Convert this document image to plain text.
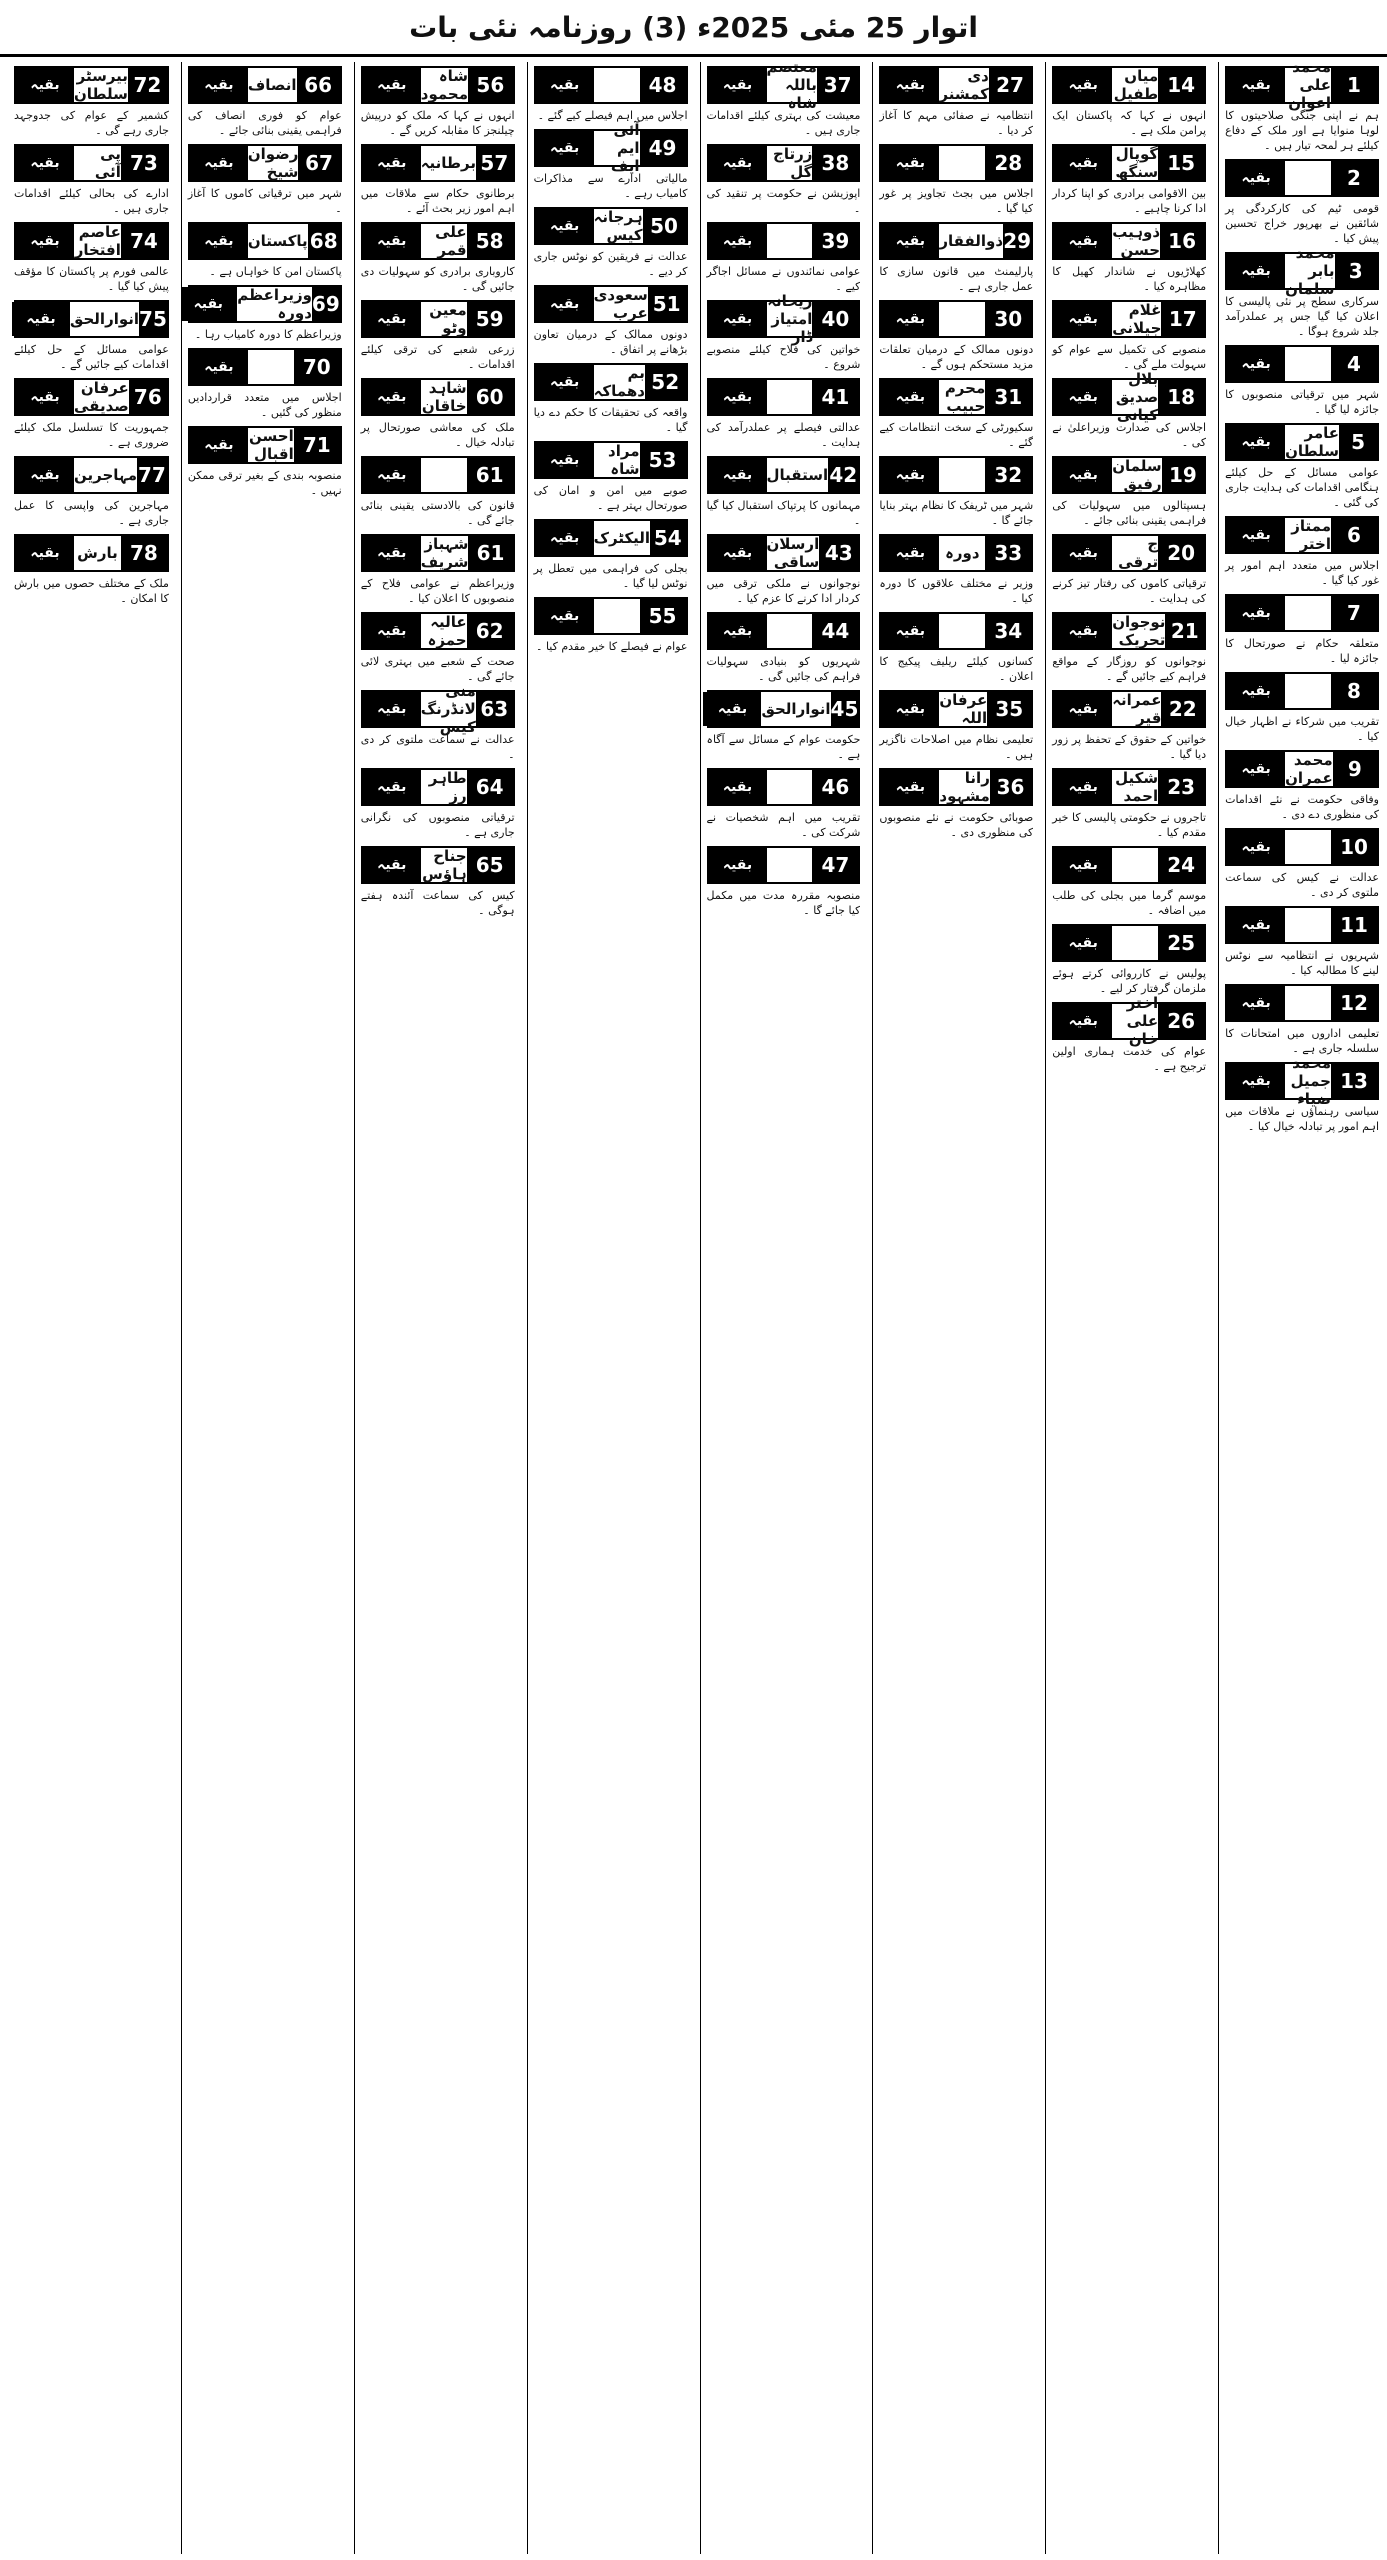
اتوار 25 مئی 2025ء (3) روزنامہ نئی بات
1
محمد علی اعوان
بقیہ
ہم نے اپنی جنگی صلاحیتوں کا لوہا منوایا ہے اور ملک کے دفاع کیلئے ہر لمحہ تیار ہیں ۔
2
بقیہ
قومی ٹیم کی کارکردگی پر شائقین نے بھرپور خراج تحسین پیش کیا ۔
3
محمد بابر سلمان
بقیہ
سرکاری سطح پر نئی پالیسی کا اعلان کیا گیا جس پر عملدرآمد جلد شروع ہوگا ۔
4
بقیہ
شہر میں ترقیاتی منصوبوں کا جائزہ لیا گیا ۔
5
عامر سلطان
بقیہ
عوامی مسائل کے حل کیلئے ہنگامی اقدامات کی ہدایت جاری کی گئی ۔
6
ممتاز اختر
بقیہ
اجلاس میں متعدد اہم امور پر غور کیا گیا ۔
7
بقیہ
متعلقہ حکام نے صورتحال کا جائزہ لیا ۔
8
بقیہ
تقریب میں شرکاء نے اظہار خیال کیا ۔
9
محمد عمران
بقیہ
وفاقی حکومت نے نئے اقدامات کی منظوری دے دی ۔
10
بقیہ
عدالت نے کیس کی سماعت ملتوی کر دی ۔
11
بقیہ
شہریوں نے انتظامیہ سے نوٹس لینے کا مطالبہ کیا ۔
12
بقیہ
تعلیمی اداروں میں امتحانات کا سلسلہ جاری ہے ۔
13
محمد جمیل ضیاء
بقیہ
سیاسی رہنماؤں نے ملاقات میں اہم امور پر تبادلہ خیال کیا ۔
14
میاں طفیل
بقیہ
انہوں نے کہا کہ پاکستان ایک پرامن ملک ہے ۔
15
گوپال سنگھ
بقیہ
بین الاقوامی برادری کو اپنا کردار ادا کرنا چاہیے ۔
16
ذوہیب حسن
بقیہ
کھلاڑیوں نے شاندار کھیل کا مظاہرہ کیا ۔
17
غلام جیلانی
بقیہ
منصوبے کی تکمیل سے عوام کو سہولت ملے گی ۔
18
بلال صدیق کیانی
بقیہ
اجلاس کی صدارت وزیراعلیٰ نے کی ۔
19
سلمان رفیق
بقیہ
ہسپتالوں میں سہولیات کی فراہمی یقینی بنائی جائے ۔
20
ج ترقی
بقیہ
ترقیاتی کاموں کی رفتار تیز کرنے کی ہدایت ۔
21
نوجوان تحریک
بقیہ
نوجوانوں کو روزگار کے مواقع فراہم کیے جائیں گے ۔
22
عمرانہ قیر
بقیہ
خواتین کے حقوق کے تحفظ پر زور دیا گیا ۔
23
شکیل احمد
بقیہ
تاجروں نے حکومتی پالیسی کا خیر مقدم کیا ۔
24
بقیہ
موسم گرما میں بجلی کی طلب میں اضافہ ۔
25
بقیہ
پولیس نے کارروائی کرتے ہوئے ملزمان گرفتار کر لیے ۔
26
اختر علی خان
بقیہ
عوام کی خدمت ہماری اولین ترجیح ہے ۔
27
دی کمشنر
بقیہ
انتظامیہ نے صفائی مہم کا آغاز کر دیا ۔
28
بقیہ
اجلاس میں بجٹ تجاویز پر غور کیا گیا ۔
29
ذوالفقار
بقیہ
پارلیمنٹ میں قانون سازی کا عمل جاری ہے ۔
30
بقیہ
دونوں ممالک کے درمیان تعلقات مزید مستحکم ہوں گے ۔
31
محرم حبیب
بقیہ
سکیورٹی کے سخت انتظامات کیے گئے ۔
32
بقیہ
شہر میں ٹریفک کا نظام بہتر بنایا جائے گا ۔
33
دورہ
بقیہ
وزیر نے مختلف علاقوں کا دورہ کیا ۔
34
بقیہ
کسانوں کیلئے ریلیف پیکیج کا اعلان ۔
35
عرفان اللہ
بقیہ
تعلیمی نظام میں اصلاحات ناگزیر ہیں ۔
36
رانا مشہود
بقیہ
صوبائی حکومت نے نئے منصوبوں کی منظوری دی ۔
37
معتصم باللہ شاہ
بقیہ
معیشت کی بہتری کیلئے اقدامات جاری ہیں ۔
38
زرتاج گل
بقیہ
اپوزیشن نے حکومت پر تنقید کی ۔
39
بقیہ
عوامی نمائندوں نے مسائل اجاگر کیے ۔
40
ریحانہ امتیاز ڈار
بقیہ
خواتین کی فلاح کیلئے منصوبے شروع ۔
41
بقیہ
عدالتی فیصلے پر عملدرآمد کی ہدایت ۔
42
استقبال
بقیہ
مہمانوں کا پرتپاک استقبال کیا گیا ۔
43
ارسلان ساقی
بقیہ
نوجوانوں نے ملکی ترقی میں کردار ادا کرنے کا عزم کیا ۔
44
بقیہ
شہریوں کو بنیادی سہولیات فراہم کی جائیں گی ۔
45
انوارالحق
بقیہ
حکومت عوام کے مسائل سے آگاہ ہے ۔
46
بقیہ
تقریب میں اہم شخصیات نے شرکت کی ۔
47
بقیہ
منصوبہ مقررہ مدت میں مکمل کیا جائے گا ۔
48
بقیہ
اجلاس میں اہم فیصلے کیے گئے ۔
49
آئی ایم ایف
بقیہ
مالیاتی ادارے سے مذاکرات کامیاب رہے ۔
50
ہرجانہ کیس
بقیہ
عدالت نے فریقین کو نوٹس جاری کر دیے ۔
51
سعودی عرب
بقیہ
دونوں ممالک کے درمیان تعاون بڑھانے پر اتفاق ۔
52
بم دھماکہ
بقیہ
واقعہ کی تحقیقات کا حکم دے دیا گیا ۔
53
مراد شاہ
بقیہ
صوبے میں امن و امان کی صورتحال بہتر ہے ۔
54
الیکٹرک
بقیہ
بجلی کی فراہمی میں تعطل پر نوٹس لیا گیا ۔
55
بقیہ
عوام نے فیصلے کا خیر مقدم کیا ۔
56
شاہ محمود
بقیہ
انہوں نے کہا کہ ملک کو درپیش چیلنجز کا مقابلہ کریں گے ۔
57
برطانیہ
بقیہ
برطانوی حکام سے ملاقات میں اہم امور زیر بحث آئے ۔
58
علی قمر
بقیہ
کاروباری برادری کو سہولیات دی جائیں گی ۔
59
معین وٹو
بقیہ
زرعی شعبے کی ترقی کیلئے اقدامات ۔
60
شاہد خاقان
بقیہ
ملک کی معاشی صورتحال پر تبادلہ خیال ۔
61
بقیہ
قانون کی بالادستی یقینی بنائی جائے گی ۔
61
شہباز شریف
بقیہ
وزیراعظم نے عوامی فلاح کے منصوبوں کا اعلان کیا ۔
62
عالیہ حمزہ
بقیہ
صحت کے شعبے میں بہتری لائی جائے گی ۔
63
منی لانڈرنگ کیس
بقیہ
عدالت نے سماعت ملتوی کر دی ۔
64
طاہر رز
بقیہ
ترقیاتی منصوبوں کی نگرانی جاری ہے ۔
65
جناح ہاؤس
بقیہ
کیس کی سماعت آئندہ ہفتے ہوگی ۔
66
انصاف
بقیہ
عوام کو فوری انصاف کی فراہمی یقینی بنائی جائے ۔
67
رضوان شیخ
بقیہ
شہر میں ترقیاتی کاموں کا آغاز ۔
68
پاکستان
بقیہ
پاکستان امن کا خواہاں ہے ۔
69
وزیراعظم دورہ
بقیہ
وزیراعظم کا دورہ کامیاب رہا ۔
70
بقیہ
اجلاس میں متعدد قراردادیں منظور کی گئیں ۔
71
احسن اقبال
بقیہ
منصوبہ بندی کے بغیر ترقی ممکن نہیں ۔
72
بیرسٹر سلطان
بقیہ
کشمیر کے عوام کی جدوجہد جاری رہے گی ۔
73
پی آئی
بقیہ
ادارے کی بحالی کیلئے اقدامات جاری ہیں ۔
74
عاصم افتخار
بقیہ
عالمی فورم پر پاکستان کا مؤقف پیش کیا گیا ۔
75
انوارالحق
بقیہ
عوامی مسائل کے حل کیلئے اقدامات کیے جائیں گے ۔
76
عرفان صدیقی
بقیہ
جمہوریت کا تسلسل ملک کیلئے ضروری ہے ۔
77
مہاجرین
بقیہ
مہاجرین کی واپسی کا عمل جاری ہے ۔
78
بارش
بقیہ
ملک کے مختلف حصوں میں بارش کا امکان ۔
